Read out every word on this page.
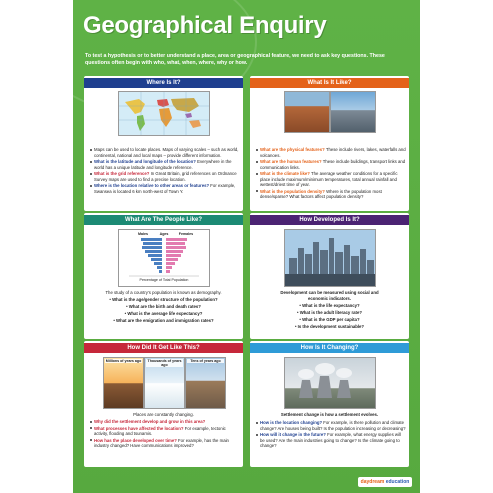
Geographical Enquiry
To test a hypothesis or to better understand a place, area or geographical feature, we need to ask key questions. These questions often begin with who, what, when, where, why or how.
Where Is It?
Maps can be used to locate places. Maps of varying scales – such as world, continental, national and local maps – provide different information.
What is the latitude and longitude of the location? Everywhere in the world has a unique latitude and longitude reference.
What is the grid reference? In Great Britain, grid references on Ordnance Survey maps are used to find a precise location.
Where is the location relative to other areas or features? For example, Swansea is located 6 km north-west of Town Y.
What Is It Like?
What are the physical features? These include rivers, lakes, waterfalls and volcanoes.
What are the human features? These include buildings, transport links and communication links.
What is the climate like? The average weather conditions for a specific place include maximum/minimum temperatures, total annual rainfall and wettest/driest time of year.
What is the population density? Where is the population most dense/sparse? What factors affect population density?
What Are The People Like?
Males	Ages	Females
Percentage of Total Population
The study of a country's population is known as demography.
• What is the age/gender structure of the population?
• What are the birth and death rates?
• What is the average life expectancy?
• What are the emigration and immigration rates?
How Developed Is It?
Development can be measured using social and economic indicators.
• What is the life expectancy?
• What is the adult literacy rate?
• What is the GDP per capita?
• Is the development sustainable?
How Did It Get Like This?
Millions of years ago	Thousands of years ago
Tens of years ago
Places are constantly changing.
Why did the settlement develop and grow in this area?
What processes have affected the location? For example, tectonic activity, flooding and tsunamis.
How has the place developed over time? For example, has the main industry changed? Have communications improved?
How Is It Changing?
Settlement change is how a settlement evolves.
How is the location changing? For example, is there pollution and climate change? Are houses being built? Is the population increasing or decreasing?
How will it change in the future? For example, what energy supplies will be used? Are the main industries going to change? Is the climate going to change?
daydream education
